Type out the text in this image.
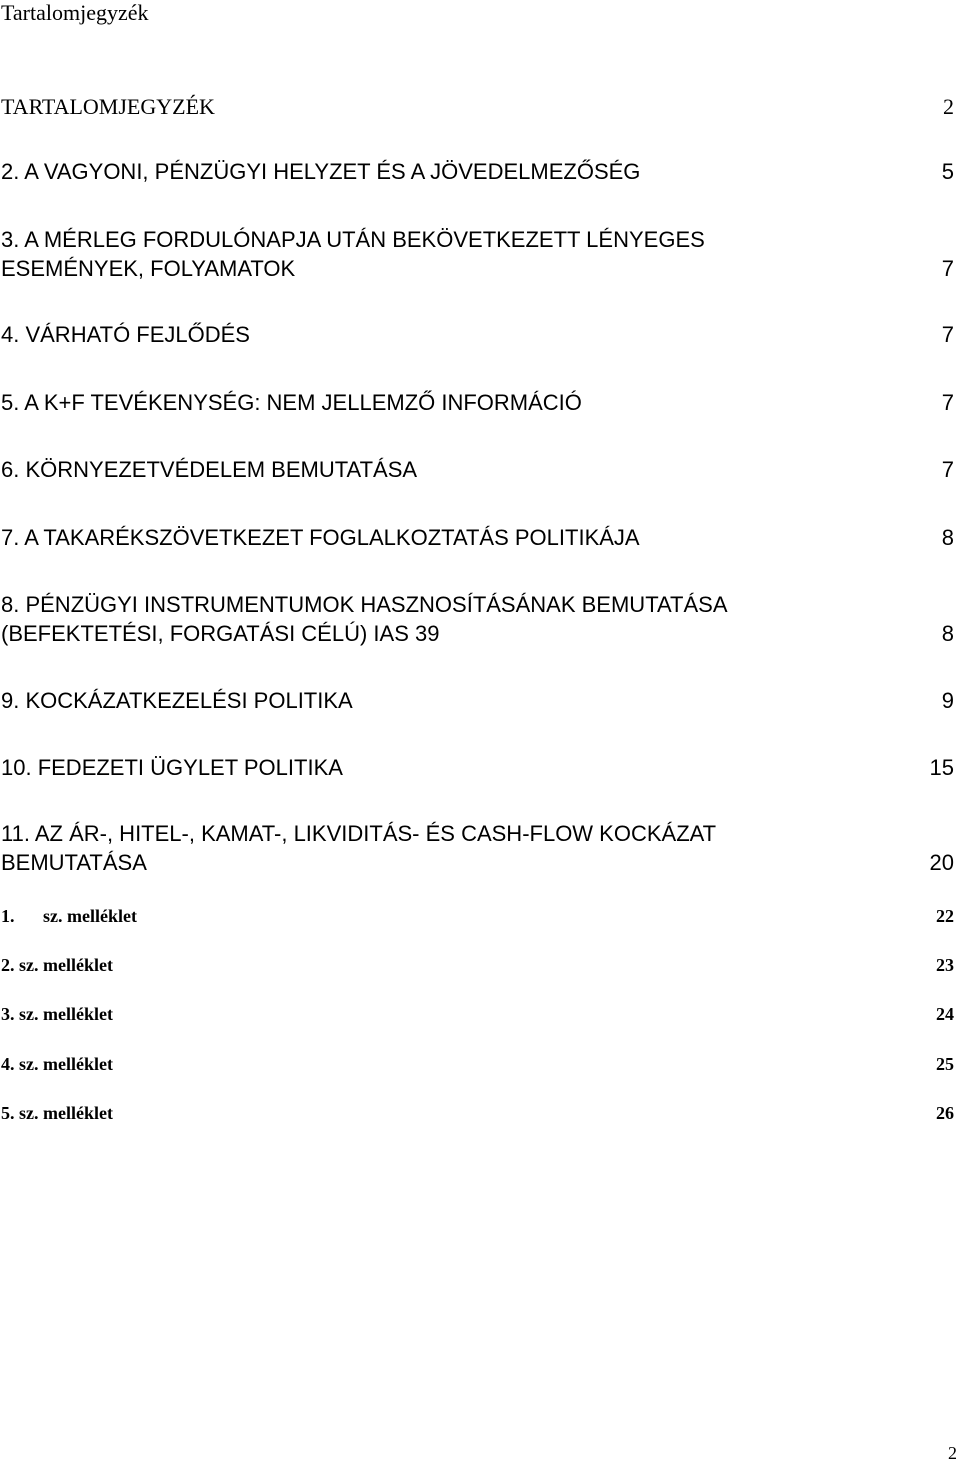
Tartalomjegyzék
TARTALOMJEGYZÉK	2
2. A VAGYONI, PÉNZÜGYI HELYZET ÉS A JÖVEDELMEZŐSÉG	5
3. A MÉRLEG FORDULÓNAPJA UTÁN BEKÖVETKEZETT LÉNYEGES
ESEMÉNYEK, FOLYAMATOK	7
4. VÁRHATÓ FEJLŐDÉS	7
5. A K+F TEVÉKENYSÉG: NEM JELLEMZŐ INFORMÁCIÓ	7
6. KÖRNYEZETVÉDELEM BEMUTATÁSA	7
7. A TAKARÉKSZÖVETKEZET FOGLALKOZTATÁS POLITIKÁJA	8
8. PÉNZÜGYI INSTRUMENTUMOK HASZNOSÍTÁSÁNAK BEMUTATÁSA
(BEFEKTETÉSI, FORGATÁSI CÉLÚ) IAS 39	8
9. KOCKÁZATKEZELÉSI POLITIKA	9
10. FEDEZETI ÜGYLET POLITIKA	15
11. AZ ÁR-, HITEL-, KAMAT-, LIKVIDITÁS- ÉS CASH-FLOW KOCKÁZAT
BEMUTATÁSA	20
1. sz. melléklet	22
2. sz. melléklet	23
3. sz. melléklet	24
4. sz. melléklet	25
5. sz. melléklet	26
2
